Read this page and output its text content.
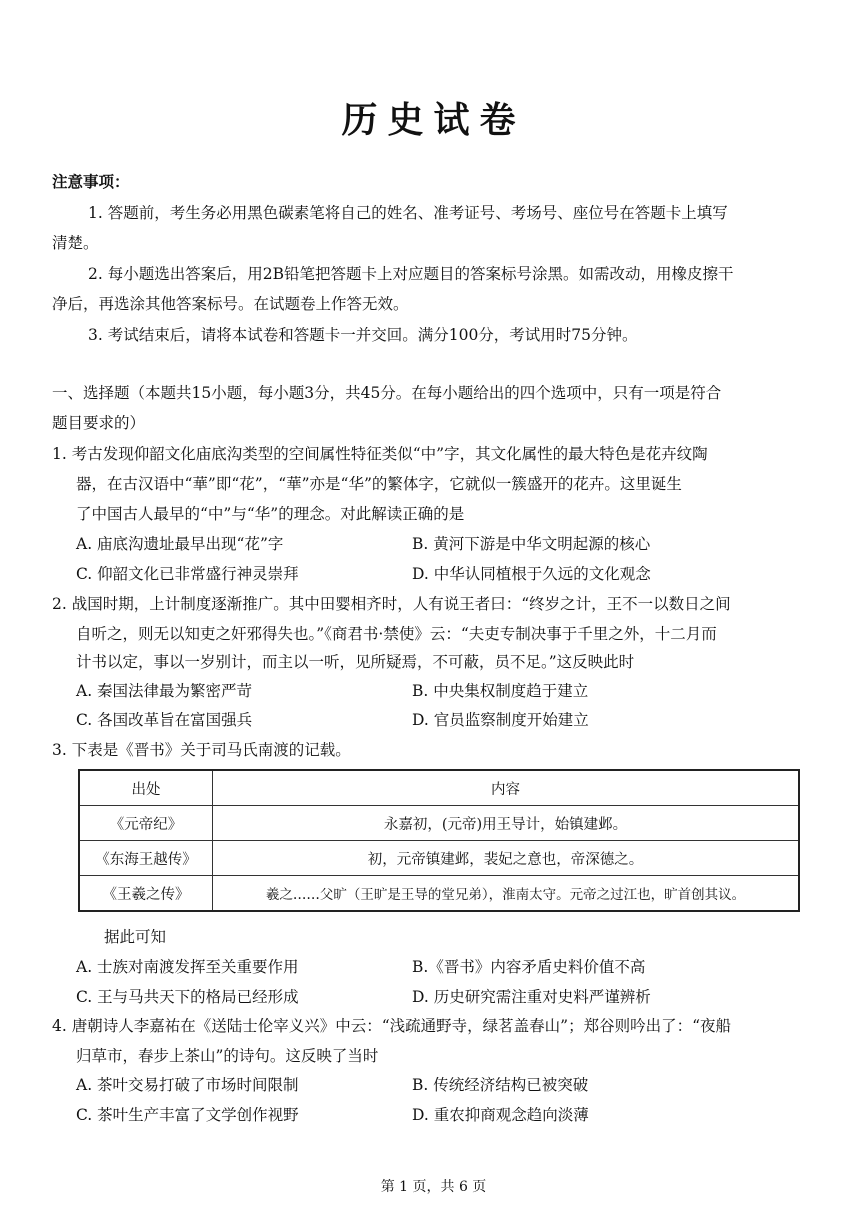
历史试卷
注意事项：
1. 答题前，考生务必用黑色碳素笔将自己的姓名、准考证号、考场号、座位号在答题卡上填写
清楚。
2. 每小题选出答案后，用2B铅笔把答题卡上对应题目的答案标号涂黑。如需改动，用橡皮擦干
净后，再选涂其他答案标号。在试题卷上作答无效。
3. 考试结束后，请将本试卷和答题卡一并交回。满分100分，考试用时75分钟。
一、选择题（本题共15小题，每小题3分，共45分。在每小题给出的四个选项中，只有一项是符合
题目要求的）
1. 考古发现仰韶文化庙底沟类型的空间属性特征类似“中”字，其文化属性的最大特色是花卉纹陶
器，在古汉语中“華”即“花”，“華”亦是“华”的繁体字，它就似一簇盛开的花卉。这里诞生
了中国古人最早的“中”与“华”的理念。对此解读正确的是
A. 庙底沟遗址最早出现“花”字	B. 黄河下游是中华文明起源的核心
C. 仰韶文化已非常盛行神灵崇拜	D. 中华认同植根于久远的文化观念
2. 战国时期，上计制度逐渐推广。其中田婴相齐时，人有说王者曰：“终岁之计，王不一以数日之间
自听之，则无以知吏之奸邪得失也。”《商君书·禁使》云：“夫吏专制决事于千里之外，十二月而
计书以定，事以一岁别计，而主以一听，见所疑焉，不可蔽，员不足。”这反映此时
A. 秦国法律最为繁密严苛	B. 中央集权制度趋于建立
C. 各国改革旨在富国强兵	D. 官员监察制度开始建立
3. 下表是《晋书》关于司马氏南渡的记载。
出处	内容
《元帝纪》	永嘉初，(元帝)用王导计，始镇建邺。
《东海王越传》	初，元帝镇建邺，裴妃之意也，帝深德之。
《王羲之传》	羲之……父旷（王旷是王导的堂兄弟），淮南太守。元帝之过江也，旷首创其议。
据此可知
A. 士族对南渡发挥至关重要作用	B.《晋书》内容矛盾史料价值不高
C. 王与马共天下的格局已经形成	D. 历史研究需注重对史料严谨辨析
4. 唐朝诗人李嘉祐在《送陆士伦宰义兴》中云：“浅疏通野寺，绿茗盖春山”；郑谷则吟出了：“夜船
归草市，春步上茶山”的诗句。这反映了当时
A. 茶叶交易打破了市场时间限制	B. 传统经济结构已被突破
C. 茶叶生产丰富了文学创作视野	D. 重农抑商观念趋向淡薄
第 1 页，共 6 页
